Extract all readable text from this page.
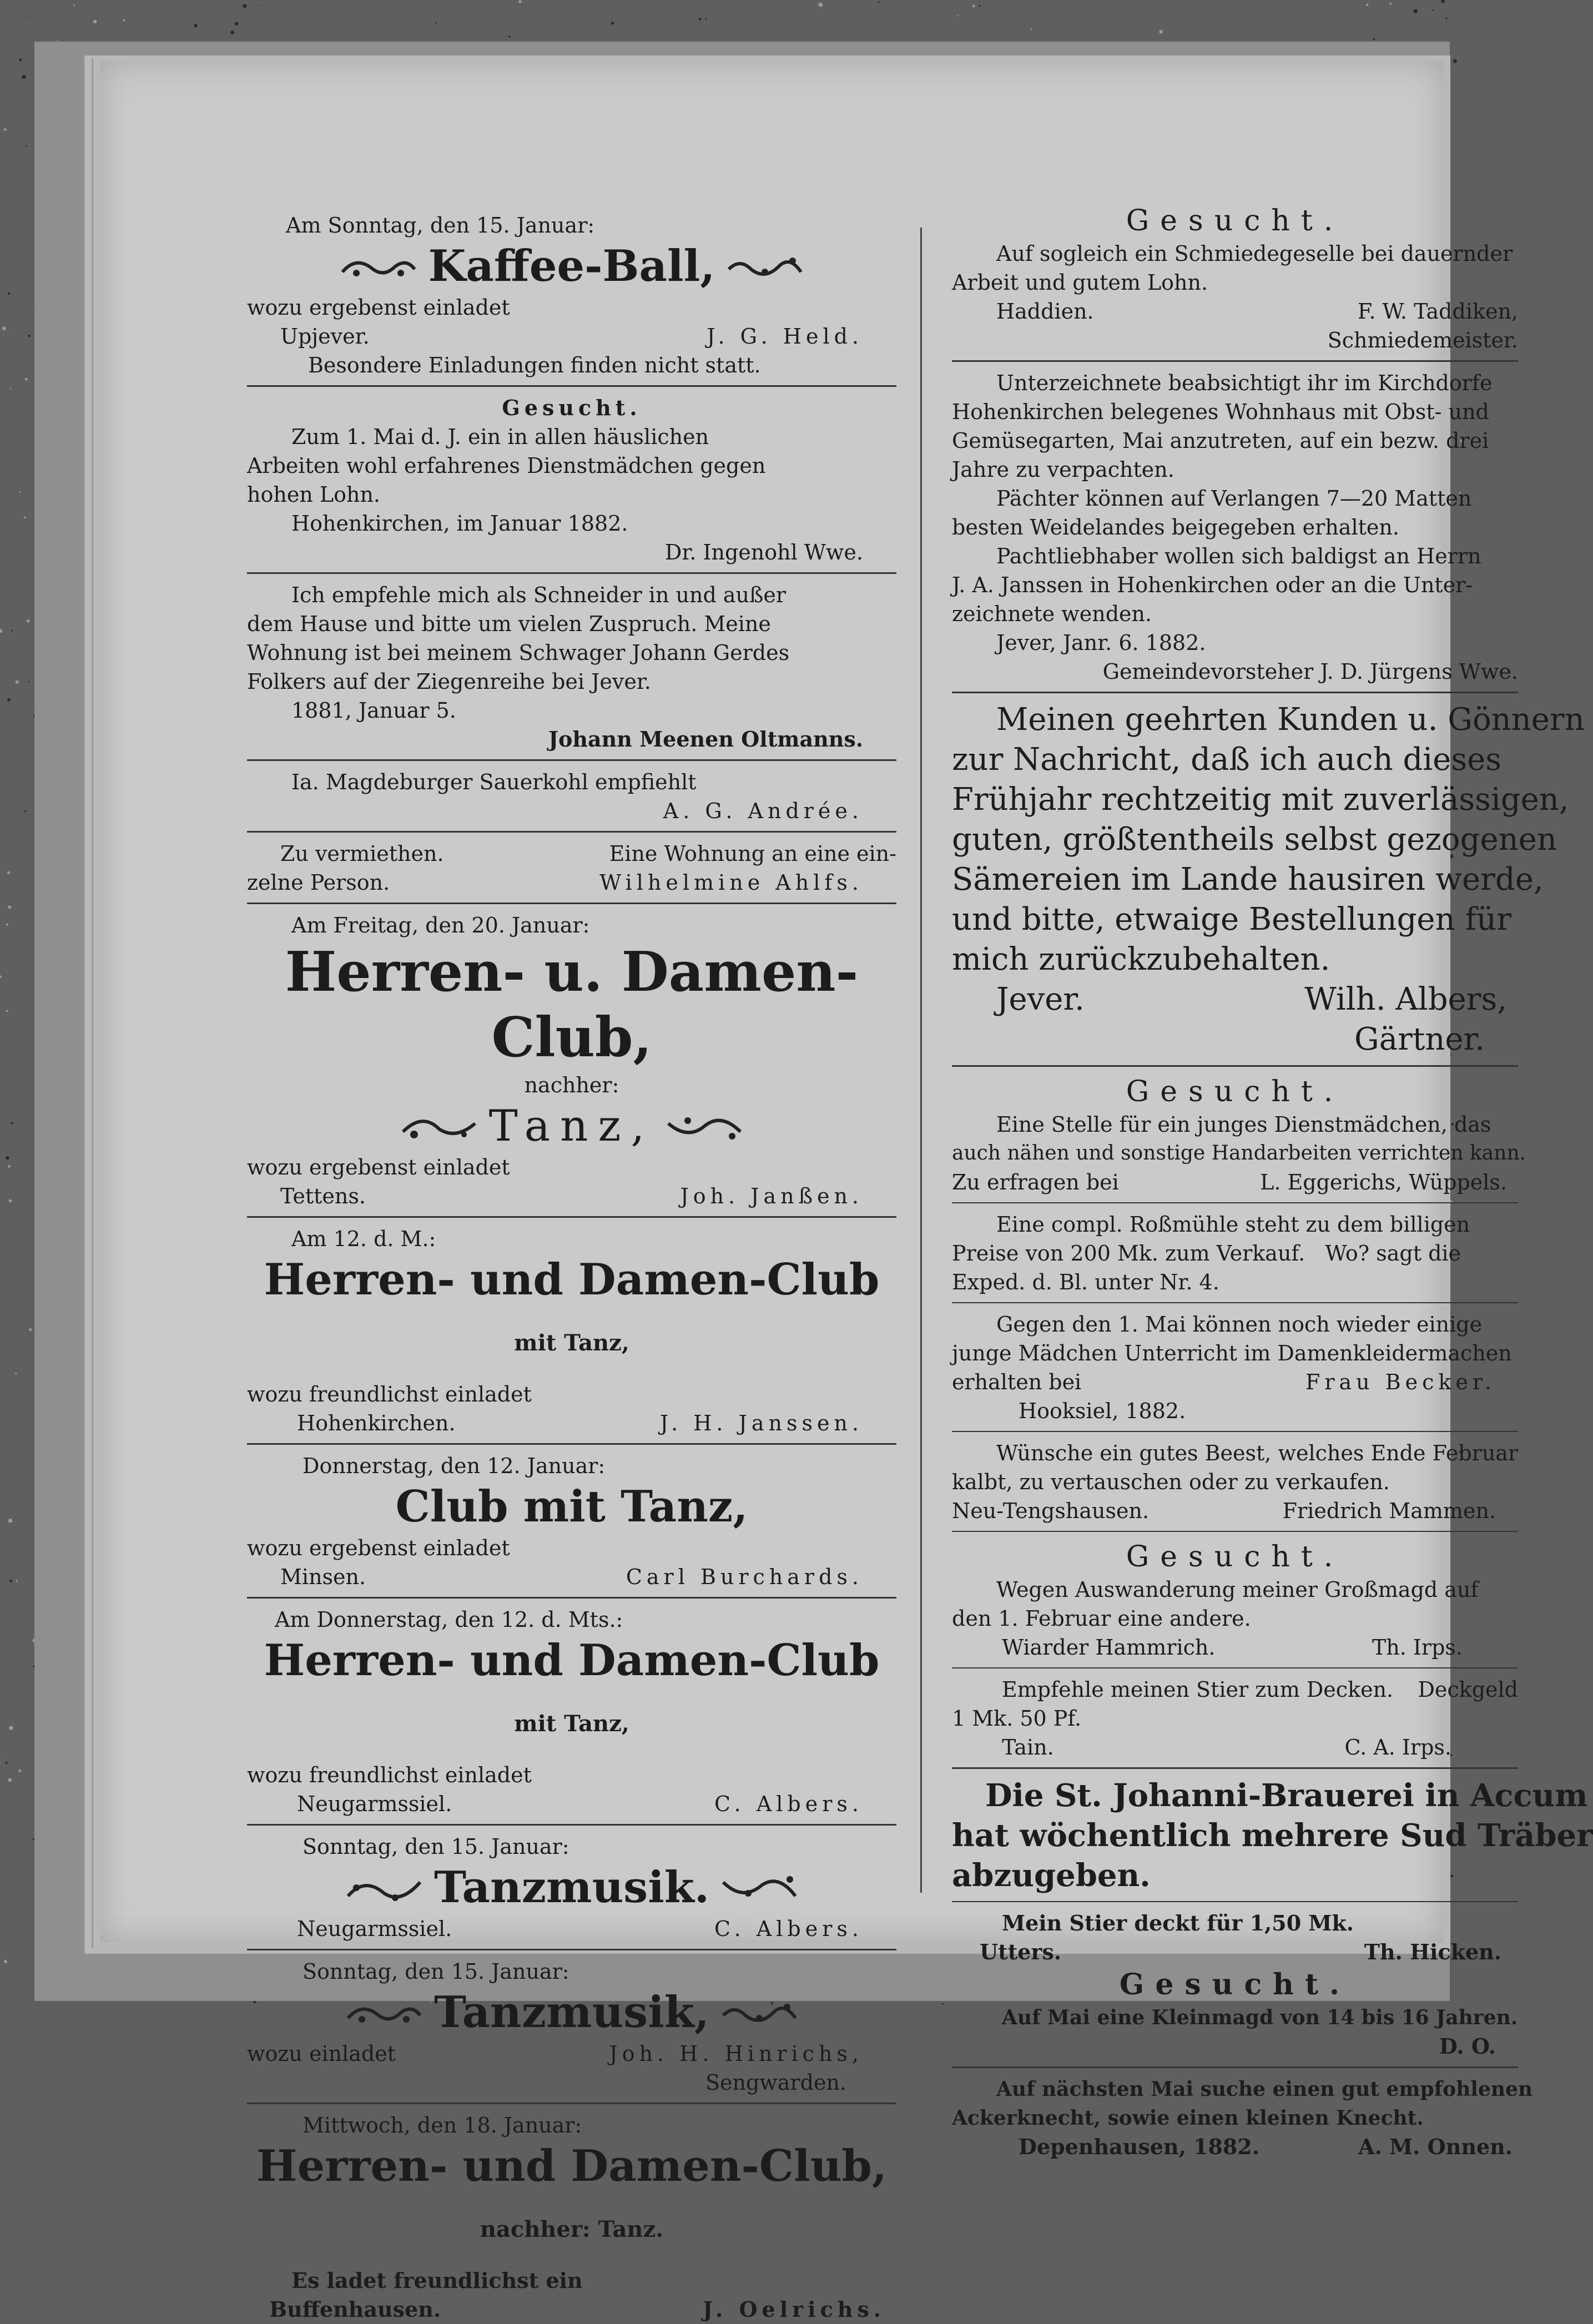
Am Sonntag, den 15. Januar:

Kaffee-Ball,

wozu ergebenst einladet

Upjever.	J. G. Held.

Besondere Einladungen finden nicht statt.

Gesucht.

Zum 1. Mai d. J. ein in allen häuslichen

Arbeiten wohl erfahrenes Dienstmädchen gegen

hohen Lohn.

Hohenkirchen, im Januar 1882.

Dr. Ingenohl Wwe.

Ich empfehle mich als Schneider in und außer

dem Hause und bitte um vielen Zuspruch. Meine

Wohnung ist bei meinem Schwager Johann Gerdes

Folkers auf der Ziegenreihe bei Jever.

1881, Januar 5.

Johann Meenen Oltmanns.

Ia. Magdeburger Sauerkohl empfiehlt

A. G. Andrée.

Zu vermiethen.	Eine Wohnung an eine ein-
zelne Person.	Wilhelmine Ahlfs.

Am Freitag, den 20. Januar:

Herren- u. Damen-Club,

nachher:

Tanz,

wozu ergebenst einladet

Tettens.	Joh. Janßen.

Am 12. d. M.:

Herren- und Damen-Club

mit Tanz,

wozu freundlichst einladet

Hohenkirchen.	J. H. Janssen.

Donnerstag, den 12. Januar:

Club mit Tanz,

wozu ergebenst einladet

Minsen.	Carl Burchards.

Am Donnerstag, den 12. d. Mts.:

Herren- und Damen-Club

mit Tanz,

wozu freundlichst einladet

Neugarmssiel.	C. Albers.

Sonntag, den 15. Januar:

Tanzmusik.

Neugarmssiel.	C. Albers.

Sonntag, den 15. Januar:

Tanzmusik,

wozu einladet	Joh. H. Hinrichs,

Sengwarden.

Mittwoch, den 18. Januar:

Herren- und Damen-Club,

nachher: Tanz.

Es ladet freundlichst ein

Buffenhausen.	J. Oelrichs.

Gesucht.

Auf sogleich ein Schmiedegeselle bei dauernder

Arbeit und gutem Lohn.

Haddien.	F. W. Taddiken,

Schmiedemeister.

Unterzeichnete beabsichtigt ihr im Kirchdorfe

Hohenkirchen belegenes Wohnhaus mit Obst- und

Gemüsegarten, Mai anzutreten, auf ein bezw. drei

Jahre zu verpachten.

Pächter können auf Verlangen 7—20 Matten

besten Weidelandes beigegeben erhalten.

Pachtliebhaber wollen sich baldigst an Herrn

J. A. Janssen in Hohenkirchen oder an die Unter-

zeichnete wenden.

Jever, Janr. 6. 1882.

Gemeindevorsteher J. D. Jürgens Wwe.

Meinen geehrten Kunden u. Gönnern

zur Nachricht, daß ich auch dieses

Frühjahr rechtzeitig mit zuverlässigen,

guten, größtentheils selbst gezogenen

Sämereien im Lande hausiren werde,

und bitte, etwaige Bestellungen für

mich zurückzubehalten.

Jever.	Wilh. Albers,

Gärtner.

Gesucht.

Eine Stelle für ein junges Dienstmädchen, das

auch nähen und sonstige Handarbeiten verrichten kann.

Zu erfragen bei	L. Eggerichs, Wüppels.

Eine compl. Roßmühle steht zu dem billigen

Preise von 200 Mk. zum Verkauf.   Wo? sagt die

Exped. d. Bl. unter Nr. 4.

Gegen den 1. Mai können noch wieder einige

junge Mädchen Unterricht im Damenkleidermachen

erhalten bei	Frau Becker.

Hooksiel, 1882.

Wünsche ein gutes Beest, welches Ende Februar

kalbt, zu vertauschen oder zu verkaufen.

Neu-Tengshausen.	Friedrich Mammen.

Gesucht.

Wegen Auswanderung meiner Großmagd auf

den 1. Februar eine andere.

Wiarder Hammrich.	Th. Irps.
Empfehle meinen Stier zum Decken. Deckgeld

1 Mk. 50 Pf.

Tain.	C. A. Irps.

Die St. Johanni-Brauerei in Accum

hat wöchentlich mehrere Sud Träber

abzugeben.

Mein Stier deckt für 1,50 Mk.

Utters.	Th. Hicken.

Gesucht.

Auf Mai eine Kleinmagd von 14 bis 16 Jahren.

D. O.

Auf nächsten Mai suche einen gut empfohlenen

Ackerknecht, sowie einen kleinen Knecht.

Depenhausen, 1882.	A. M. Onnen.
